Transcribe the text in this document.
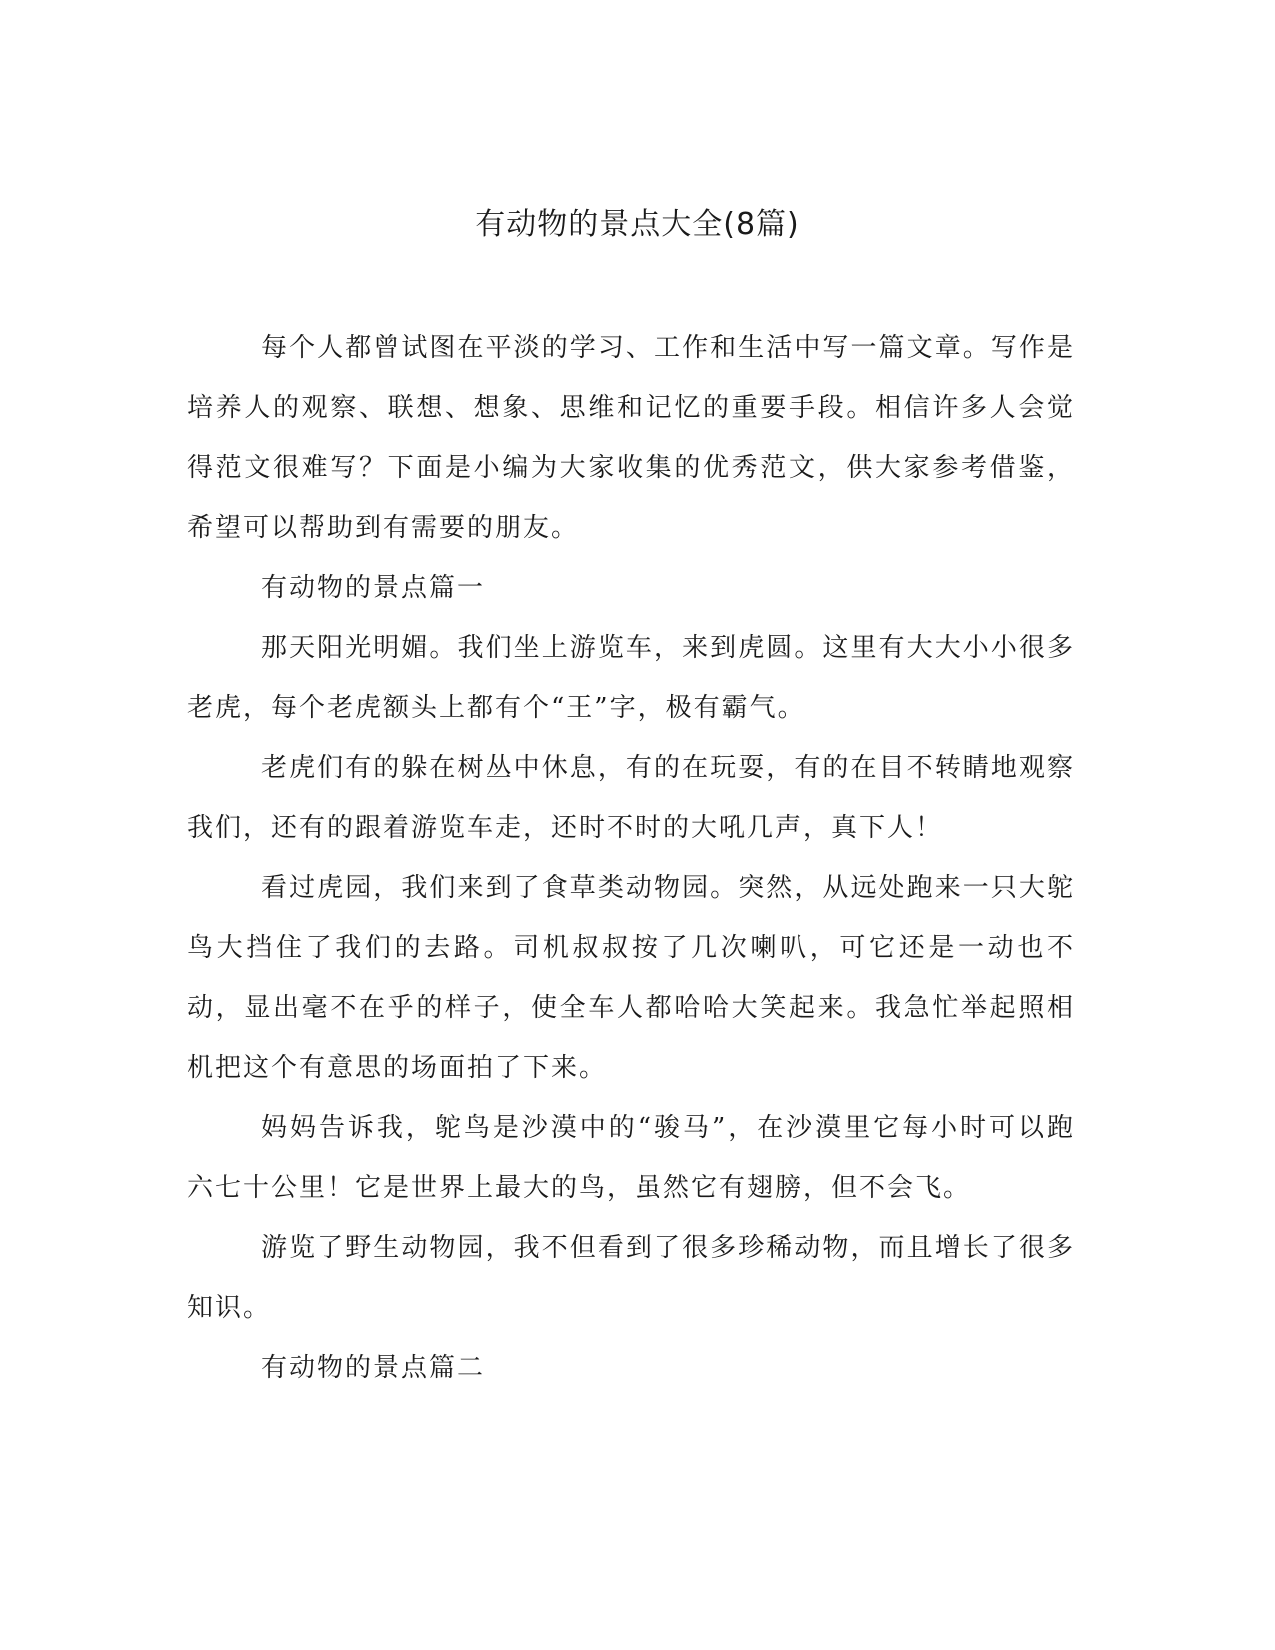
有动物的景点大全(8篇)

每个人都曾试图在平淡的学习、工作和生活中写一篇文章。写作是培养人的观察、联想、想象、思维和记忆的重要手段。相信许多人会觉得范文很难写？下面是小编为大家收集的优秀范文，供大家参考借鉴，希望可以帮助到有需要的朋友。

有动物的景点篇一

那天阳光明媚。我们坐上游览车，来到虎圆。这里有大大小小很多老虎，每个老虎额头上都有个“王”字，极有霸气。

老虎们有的躲在树丛中休息，有的在玩耍，有的在目不转睛地观察我们，还有的跟着游览车走，还时不时的大吼几声，真下人！

看过虎园，我们来到了食草类动物园。突然，从远处跑来一只大鸵鸟大挡住了我们的去路。司机叔叔按了几次喇叭，可它还是一动也不动，显出毫不在乎的样子，使全车人都哈哈大笑起来。我急忙举起照相机把这个有意思的场面拍了下来。

妈妈告诉我，鸵鸟是沙漠中的“骏马”，在沙漠里它每小时可以跑六七十公里！它是世界上最大的鸟，虽然它有翅膀，但不会飞。

游览了野生动物园，我不但看到了很多珍稀动物，而且增长了很多知识。

有动物的景点篇二
